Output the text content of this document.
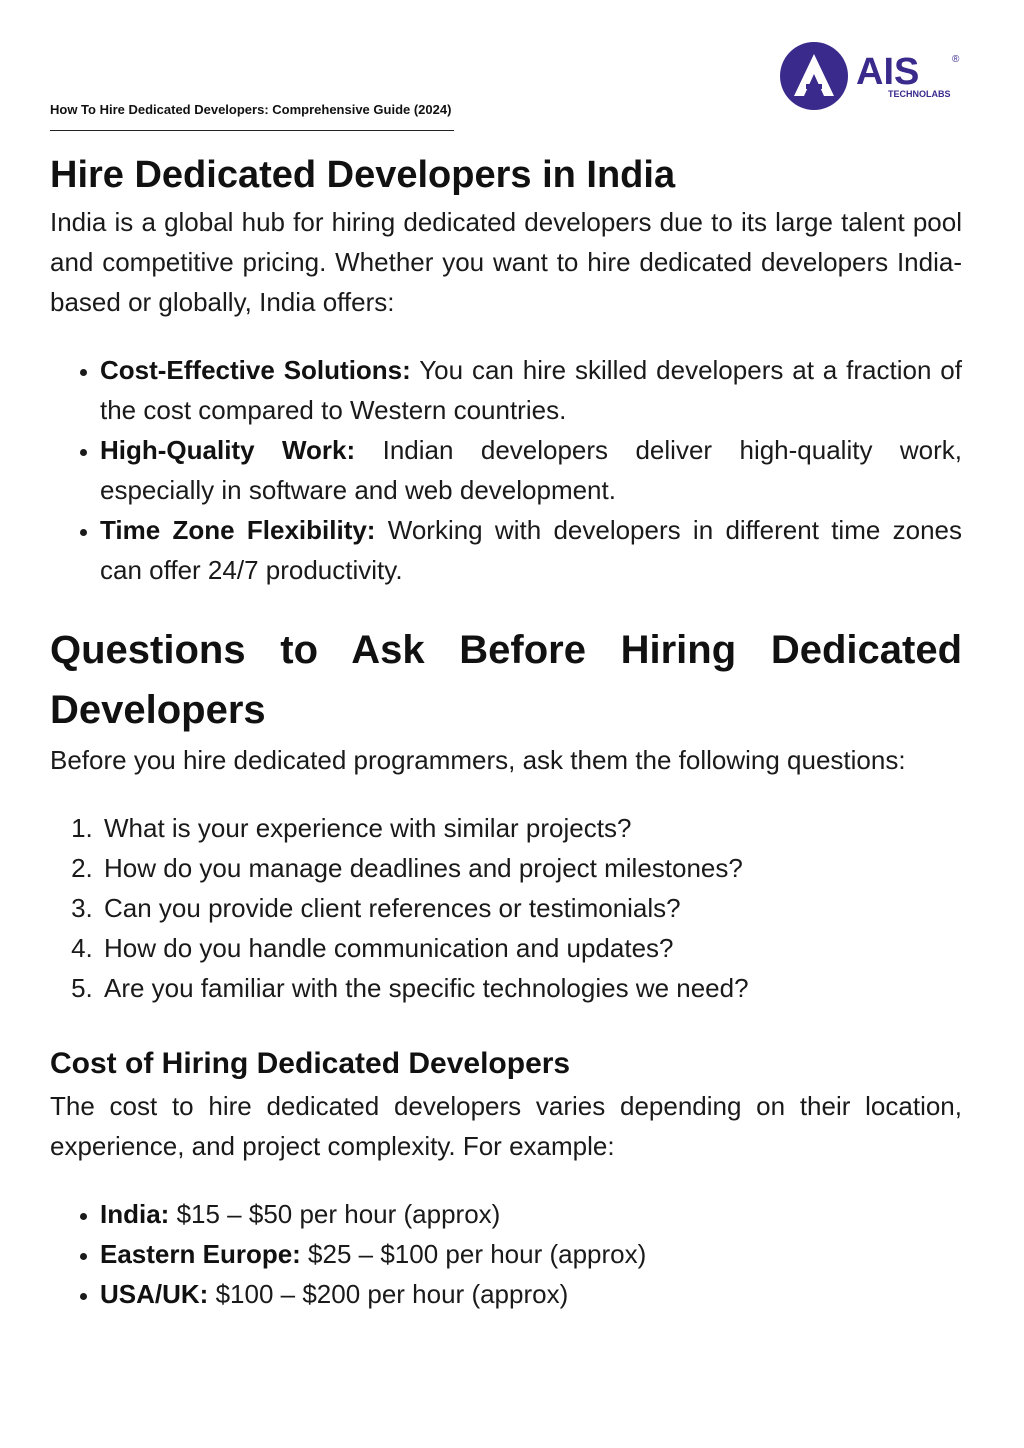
How To Hire Dedicated Developers: Comprehensive Guide (2024)
AIS	®
TECHNOLABS
Hire Dedicated Developers in India

India is a global hub for hiring dedicated developers due to its large talent pool and competitive pricing. Whether you want to hire dedicated developers India-based or globally, India offers:

• Cost-Effective Solutions: You can hire skilled developers at a fraction of the cost compared to Western countries.
• High-Quality Work: Indian developers deliver high-quality work, especially in software and web development.
• Time Zone Flexibility: Working with developers in different time zones can offer 24/7 productivity.
Questions to Ask Before Hiring Dedicated Developers

Before you hire dedicated programmers, ask them the following questions:

1. What is your experience with similar projects?
2. How do you manage deadlines and project milestones?
3. Can you provide client references or testimonials?
4. How do you handle communication and updates?
5. Are you familiar with the specific technologies we need?
Cost of Hiring Dedicated Developers

The cost to hire dedicated developers varies depending on their location, experience, and project complexity. For example:

• India: $15 – $50 per hour (approx)
• Eastern Europe: $25 – $100 per hour (approx)
• USA/UK: $100 – $200 per hour (approx)
